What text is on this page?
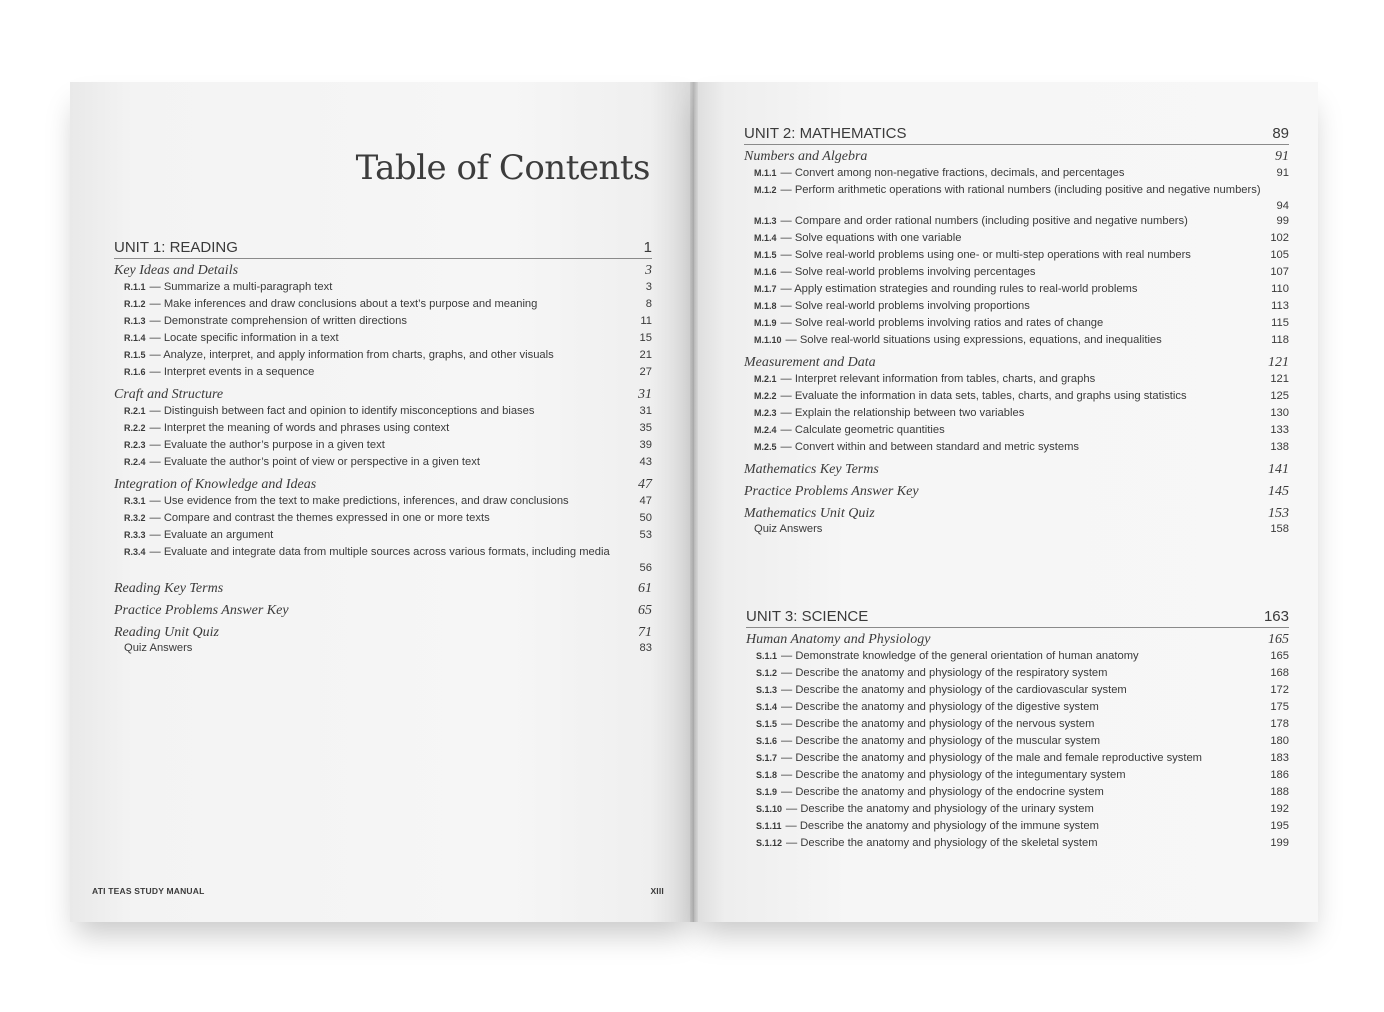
Table of Contents
UNIT 1: READING	1
Key Ideas and Details	3
R.1.1 — Summarize a multi-paragraph text	3
R.1.2 — Make inferences and draw conclusions about a text’s purpose and meaning	8
R.1.3 — Demonstrate comprehension of written directions	11
R.1.4 — Locate specific information in a text	15
R.1.5 — Analyze, interpret, and apply information from charts, graphs, and other visuals	21
R.1.6 — Interpret events in a sequence	27
Craft and Structure	31
R.2.1 — Distinguish between fact and opinion to identify misconceptions and biases	31
R.2.2 — Interpret the meaning of words and phrases using context	35
R.2.3 — Evaluate the author’s purpose in a given text	39
R.2.4 — Evaluate the author’s point of view or perspective in a given text	43
Integration of Knowledge and Ideas	47
R.3.1 — Use evidence from the text to make predictions, inferences, and draw conclusions	47
R.3.2 — Compare and contrast the themes expressed in one or more texts	50
R.3.3 — Evaluate an argument	53
R.3.4 — Evaluate and integrate data from multiple sources across various formats, including media
56
Reading Key Terms	61
Practice Problems Answer Key	65
Reading Unit Quiz	71
Quiz Answers	83
ATI TEAS STUDY MANUAL	XIII
UNIT 2: MATHEMATICS	89
Numbers and Algebra	91
M.1.1 — Convert among non-negative fractions, decimals, and percentages	91
M.1.2 — Perform arithmetic operations with rational numbers (including positive and negative numbers)
94
M.1.3 — Compare and order rational numbers (including positive and negative numbers)	99
M.1.4 — Solve equations with one variable	102
M.1.5 — Solve real-world problems using one- or multi-step operations with real numbers	105
M.1.6 — Solve real-world problems involving percentages	107
M.1.7 — Apply estimation strategies and rounding rules to real-world problems	110
M.1.8 — Solve real-world problems involving proportions	113
M.1.9 — Solve real-world problems involving ratios and rates of change	115
M.1.10 — Solve real-world situations using expressions, equations, and inequalities	118
Measurement and Data	121
M.2.1 — Interpret relevant information from tables, charts, and graphs	121
M.2.2 — Evaluate the information in data sets, tables, charts, and graphs using statistics	125
M.2.3 — Explain the relationship between two variables	130
M.2.4 — Calculate geometric quantities	133
M.2.5 — Convert within and between standard and metric systems	138
Mathematics Key Terms	141
Practice Problems Answer Key	145
Mathematics Unit Quiz	153
Quiz Answers	158
UNIT 3: SCIENCE	163
Human Anatomy and Physiology	165
S.1.1 — Demonstrate knowledge of the general orientation of human anatomy	165
S.1.2 — Describe the anatomy and physiology of the respiratory system	168
S.1.3 — Describe the anatomy and physiology of the cardiovascular system	172
S.1.4 — Describe the anatomy and physiology of the digestive system	175
S.1.5 — Describe the anatomy and physiology of the nervous system	178
S.1.6 — Describe the anatomy and physiology of the muscular system	180
S.1.7 — Describe the anatomy and physiology of the male and female reproductive system	183
S.1.8 — Describe the anatomy and physiology of the integumentary system	186
S.1.9 — Describe the anatomy and physiology of the endocrine system	188
S.1.10 — Describe the anatomy and physiology of the urinary system	192
S.1.11 — Describe the anatomy and physiology of the immune system	195
S.1.12 — Describe the anatomy and physiology of the skeletal system	199
